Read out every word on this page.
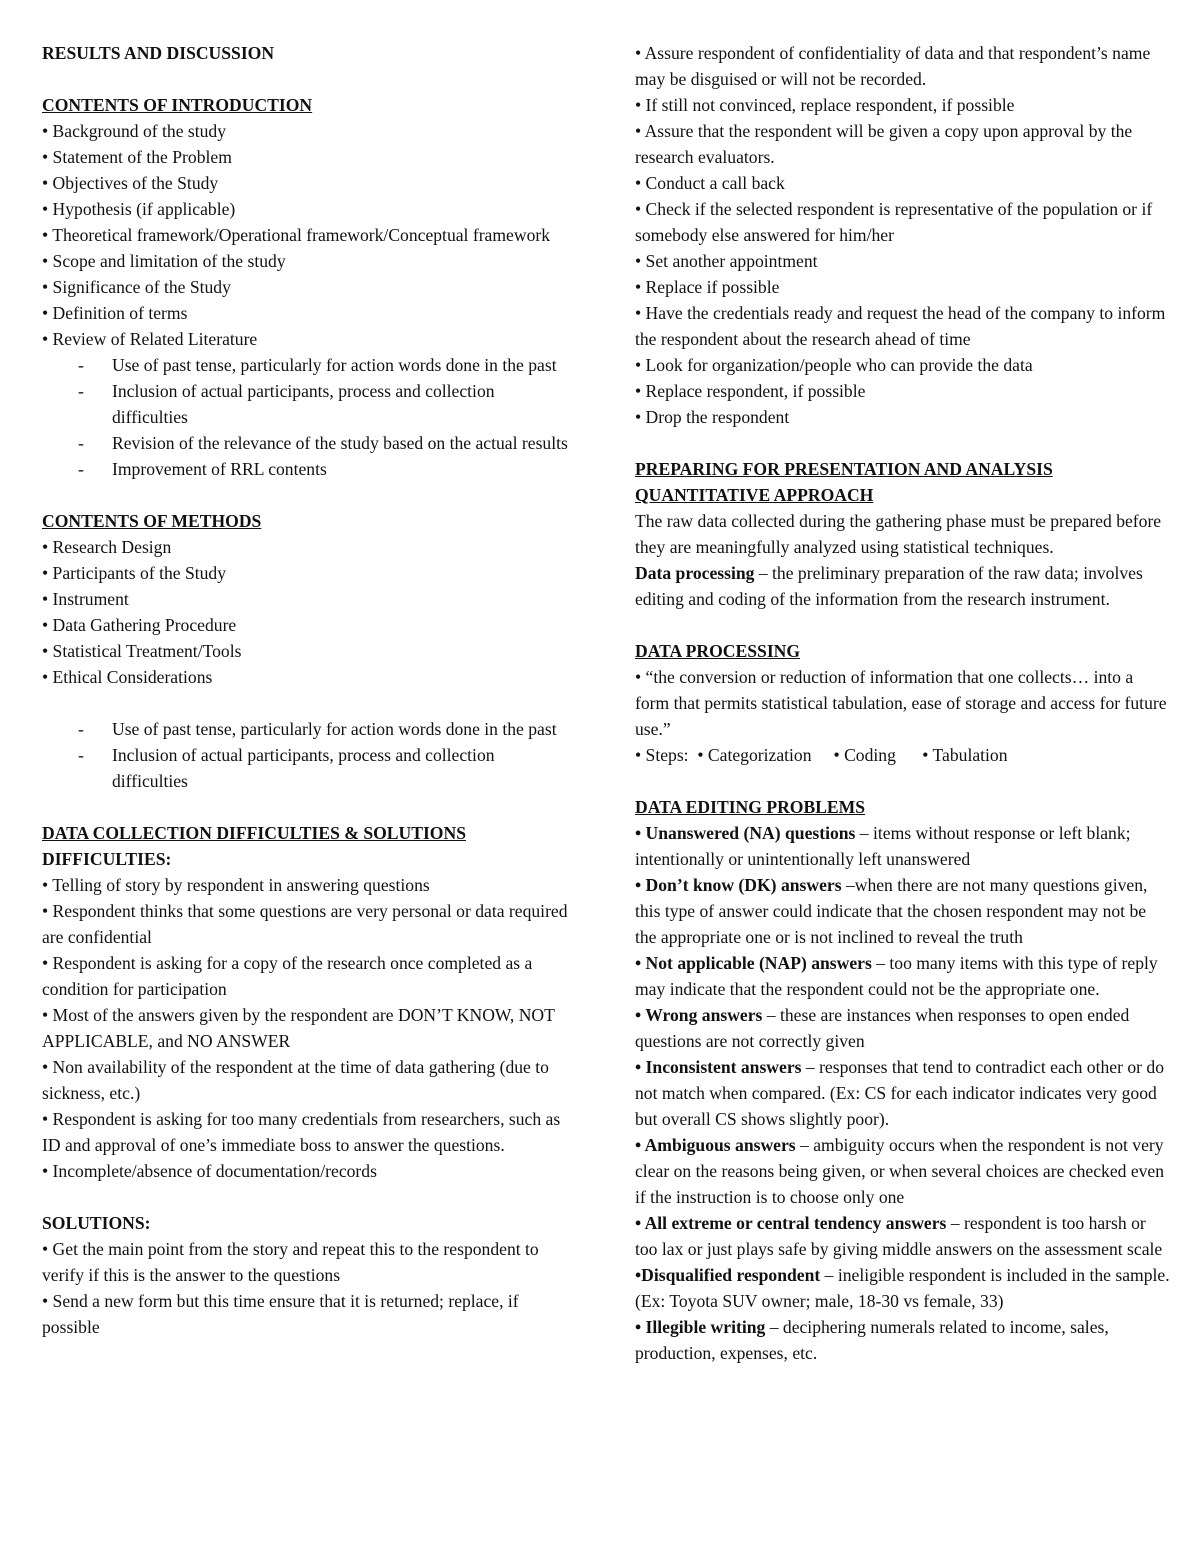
RESULTS AND DISCUSSION

CONTENTS OF INTRODUCTION

• Background of the study

• Statement of the Problem

• Objectives of the Study

• Hypothesis (if applicable)

• Theoretical framework/Operational framework/Conceptual framework

• Scope and limitation of the study

• Significance of the Study

• Definition of terms

• Review of Related Literature

- Use of past tense, particularly for action words done in the past

- Inclusion of actual participants, process and collection difficulties

- Revision of the relevance of the study based on the actual results

- Improvement of RRL contents

CONTENTS OF METHODS

• Research Design

• Participants of the Study

• Instrument

• Data Gathering Procedure

• Statistical Treatment/Tools

• Ethical Considerations

- Use of past tense, particularly for action words done in the past

- Inclusion of actual participants, process and collection difficulties

DATA COLLECTION DIFFICULTIES & SOLUTIONS

DIFFICULTIES:

• Telling of story by respondent in answering questions

• Respondent thinks that some questions are very personal or data required are confidential

• Respondent is asking for a copy of the research once completed as a condition for participation

• Most of the answers given by the respondent are DON’T KNOW, NOT APPLICABLE, and NO ANSWER

• Non availability of the respondent at the time of data gathering (due to sickness, etc.)

• Respondent is asking for too many credentials from researchers, such as ID and approval of one’s immediate boss to answer the questions.

• Incomplete/absence of documentation/records

SOLUTIONS:

• Get the main point from the story and repeat this to the respondent to verify if this is the answer to the questions

• Send a new form but this time ensure that it is returned; replace, if possible

• Assure respondent of confidentiality of data and that respondent’s name may be disguised or will not be recorded.

• If still not convinced, replace respondent, if possible

• Assure that the respondent will be given a copy upon approval by the research evaluators.

• Conduct a call back

• Check if the selected respondent is representative of the population or if somebody else answered for him/her

• Set another appointment

• Replace if possible

• Have the credentials ready and request the head of the company to inform the respondent about the research ahead of time

• Look for organization/people who can provide the data

• Replace respondent, if possible

• Drop the respondent

PREPARING FOR PRESENTATION AND ANALYSIS

QUANTITATIVE APPROACH

The raw data collected during the gathering phase must be prepared before they are meaningfully analyzed using statistical techniques.

Data processing – the preliminary preparation of the raw data; involves editing and coding of the information from the research instrument.

DATA PROCESSING

• “the conversion or reduction of information that one collects… into a form that permits statistical tabulation, ease of storage and access for future use.”

• Steps: • Categorization • Coding • Tabulation

DATA EDITING PROBLEMS

• Unanswered (NA) questions – items without response or left blank; intentionally or unintentionally left unanswered

• Don’t know (DK) answers –when there are not many questions given, this type of answer could indicate that the chosen respondent may not be the appropriate one or is not inclined to reveal the truth

• Not applicable (NAP) answers – too many items with this type of reply may indicate that the respondent could not be the appropriate one.

• Wrong answers – these are instances when responses to open ended questions are not correctly given

• Inconsistent answers – responses that tend to contradict each other or do not match when compared. (Ex: CS for each indicator indicates very good but overall CS shows slightly poor).

• Ambiguous answers – ambiguity occurs when the respondent is not very clear on the reasons being given, or when several choices are checked even if the instruction is to choose only one

• All extreme or central tendency answers – respondent is too harsh or too lax or just plays safe by giving middle answers on the assessment scale

•Disqualified respondent – ineligible respondent is included in the sample. (Ex: Toyota SUV owner; male, 18-30 vs female, 33)

• Illegible writing – deciphering numerals related to income, sales, production, expenses, etc.
